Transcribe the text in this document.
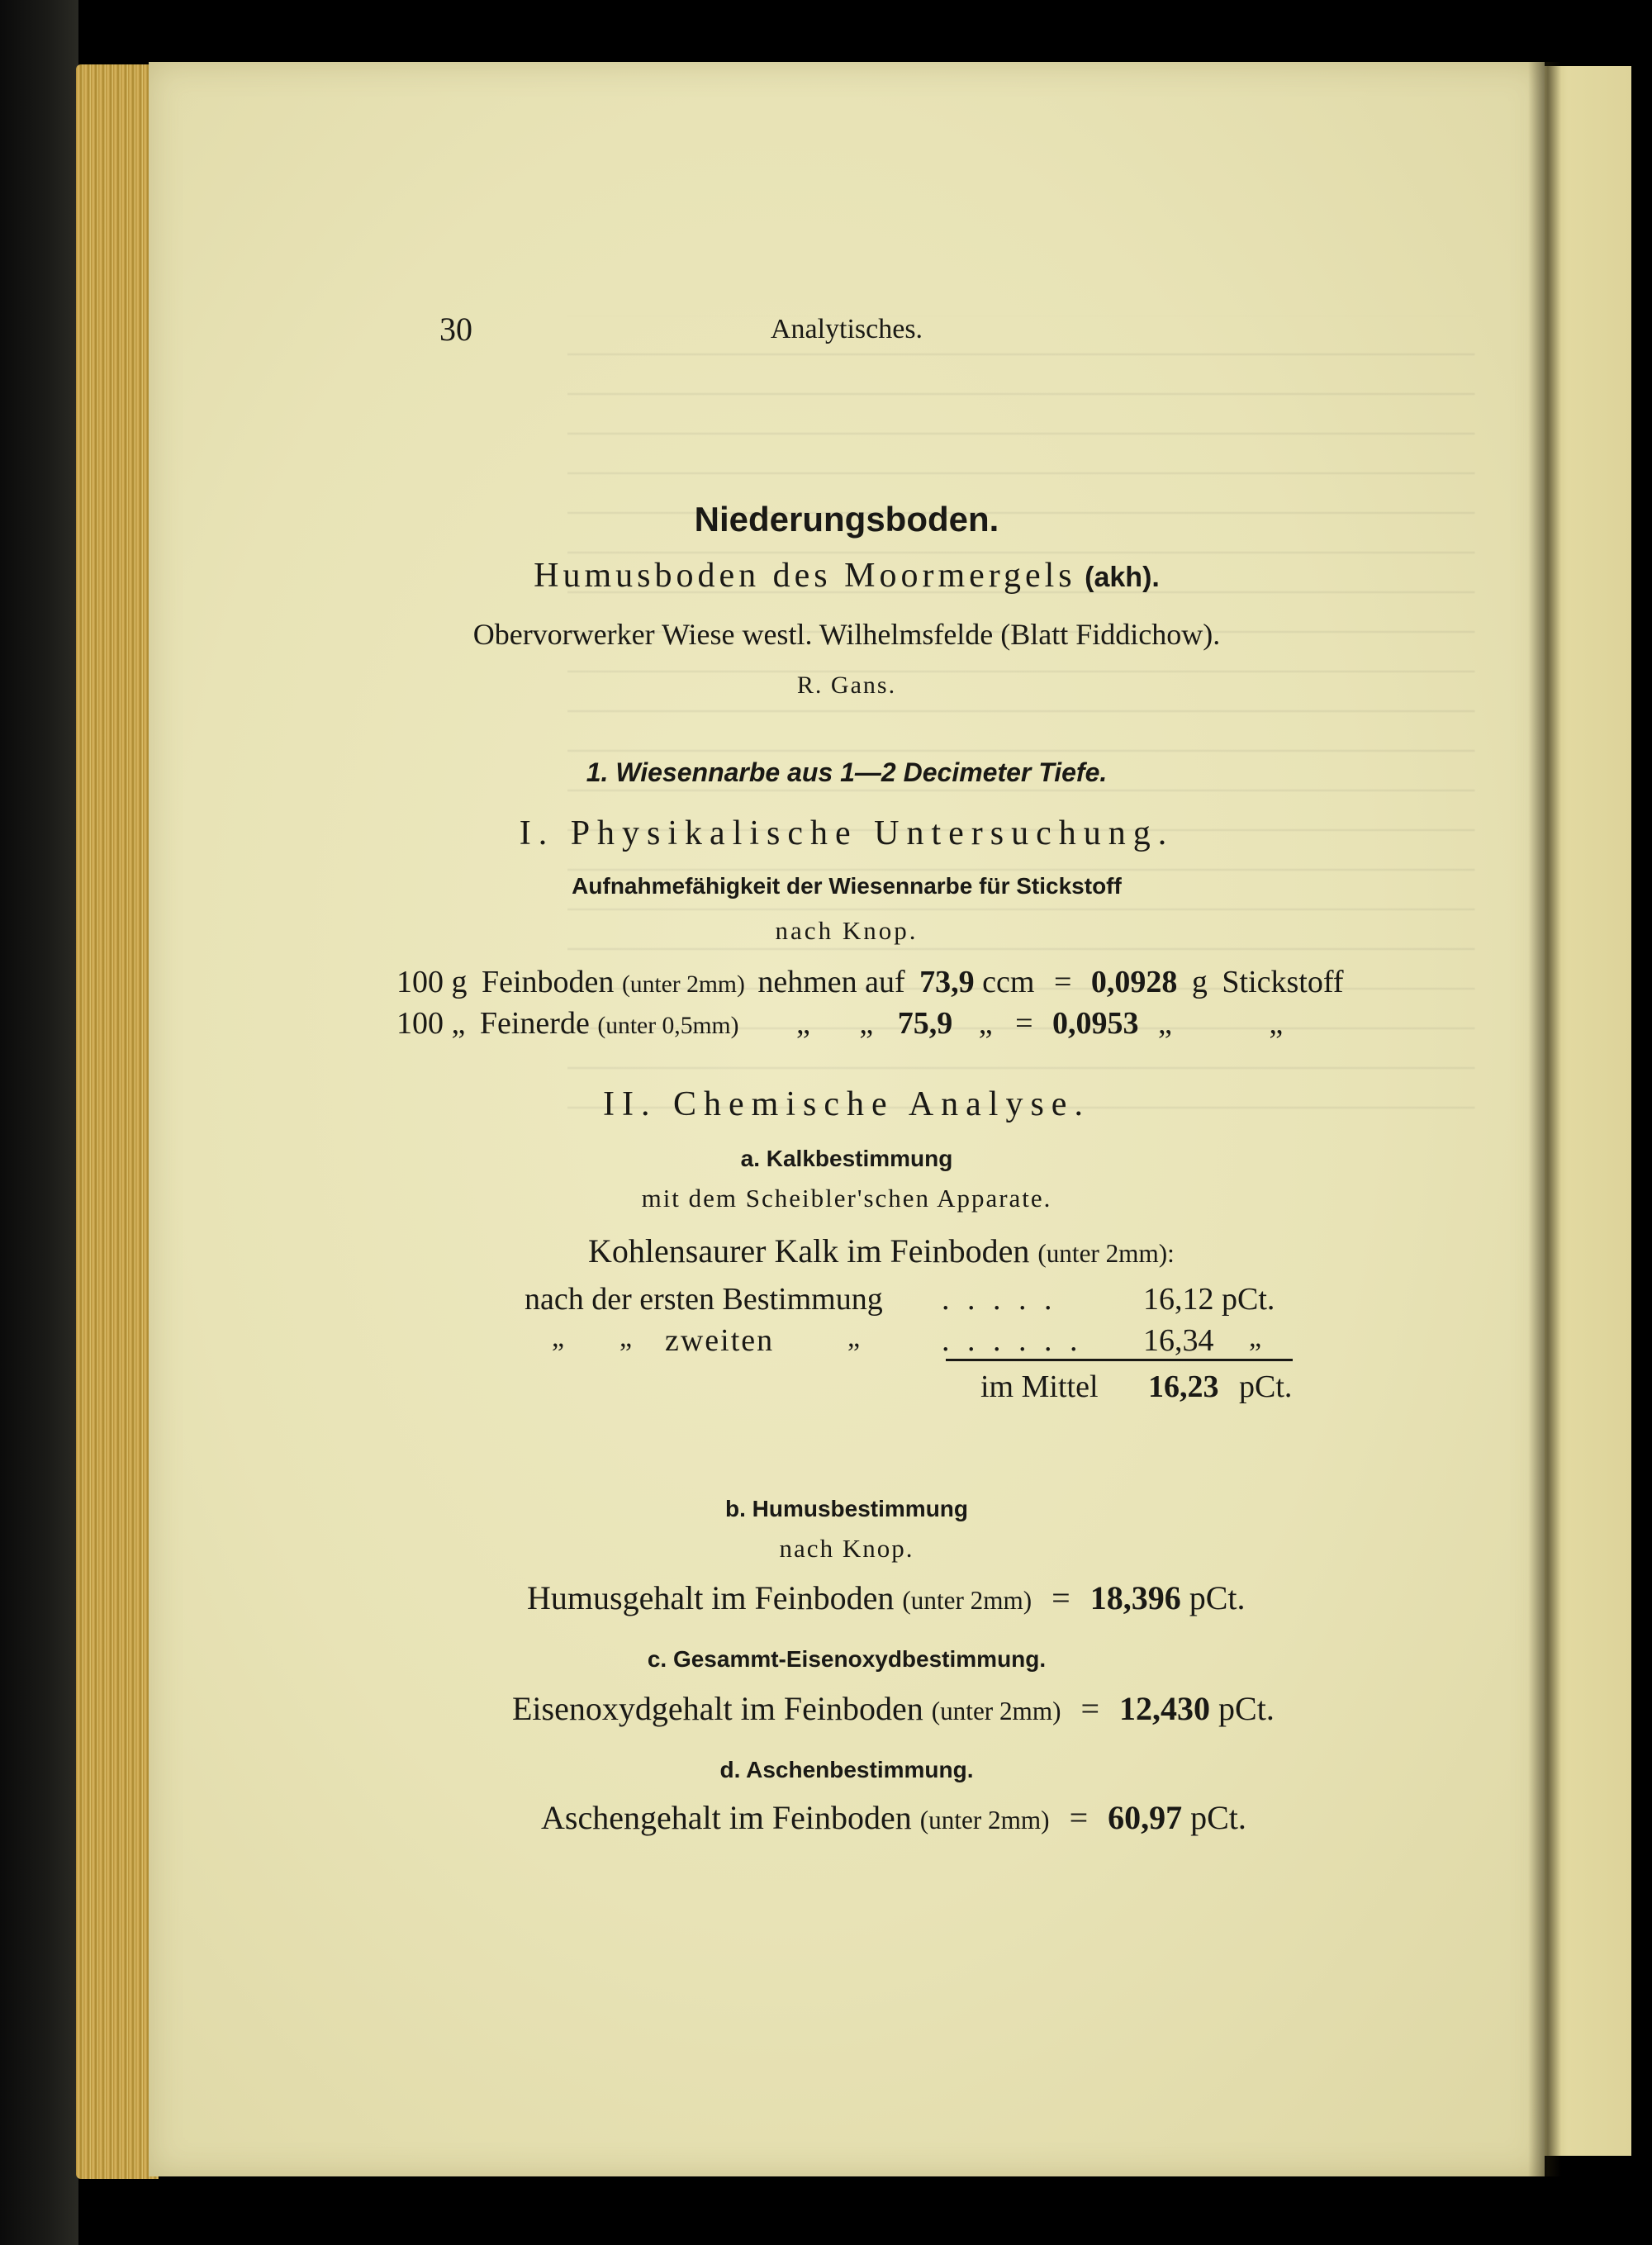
30	Analytisches.
Niederungsboden.
Humusboden des Moormergels (akh).
Obervorwerker Wiese westl. Wilhelmsfelde (Blatt Fiddichow).
R. Gans.
1. Wiesennarbe aus 1—2 Decimeter Tiefe.
I. Physikalische Untersuchung.
Aufnahmefähigkeit der Wiesennarbe für Stickstoff
nach Knop.
100 g Feinboden (unter 2mm) nehmen auf 73,9 ccm = 0,0928 g Stickstoff
100 „ Feinerde (unter 0,5mm) „ „ 75,9 „ = 0,0953 „	„
II. Chemische Analyse.
a. Kalkbestimmung
mit dem Scheibler'schen Apparate.
Kohlensaurer Kalk im Feinboden (unter 2mm):
nach der ersten Bestimmung . . . . .	16,12 pCt.
„ „ zweiten	„	. . . . . . 16,34 „
im Mittel 16,23 pCt.
b. Humusbestimmung
nach Knop.
Humusgehalt im Feinboden (unter 2mm) = 18,396 pCt.
c. Gesammt-Eisenoxydbestimmung.
Eisenoxydgehalt im Feinboden (unter 2mm) = 12,430 pCt.
d. Aschenbestimmung.
Aschengehalt im Feinboden (unter 2mm) = 60,97 pCt.
